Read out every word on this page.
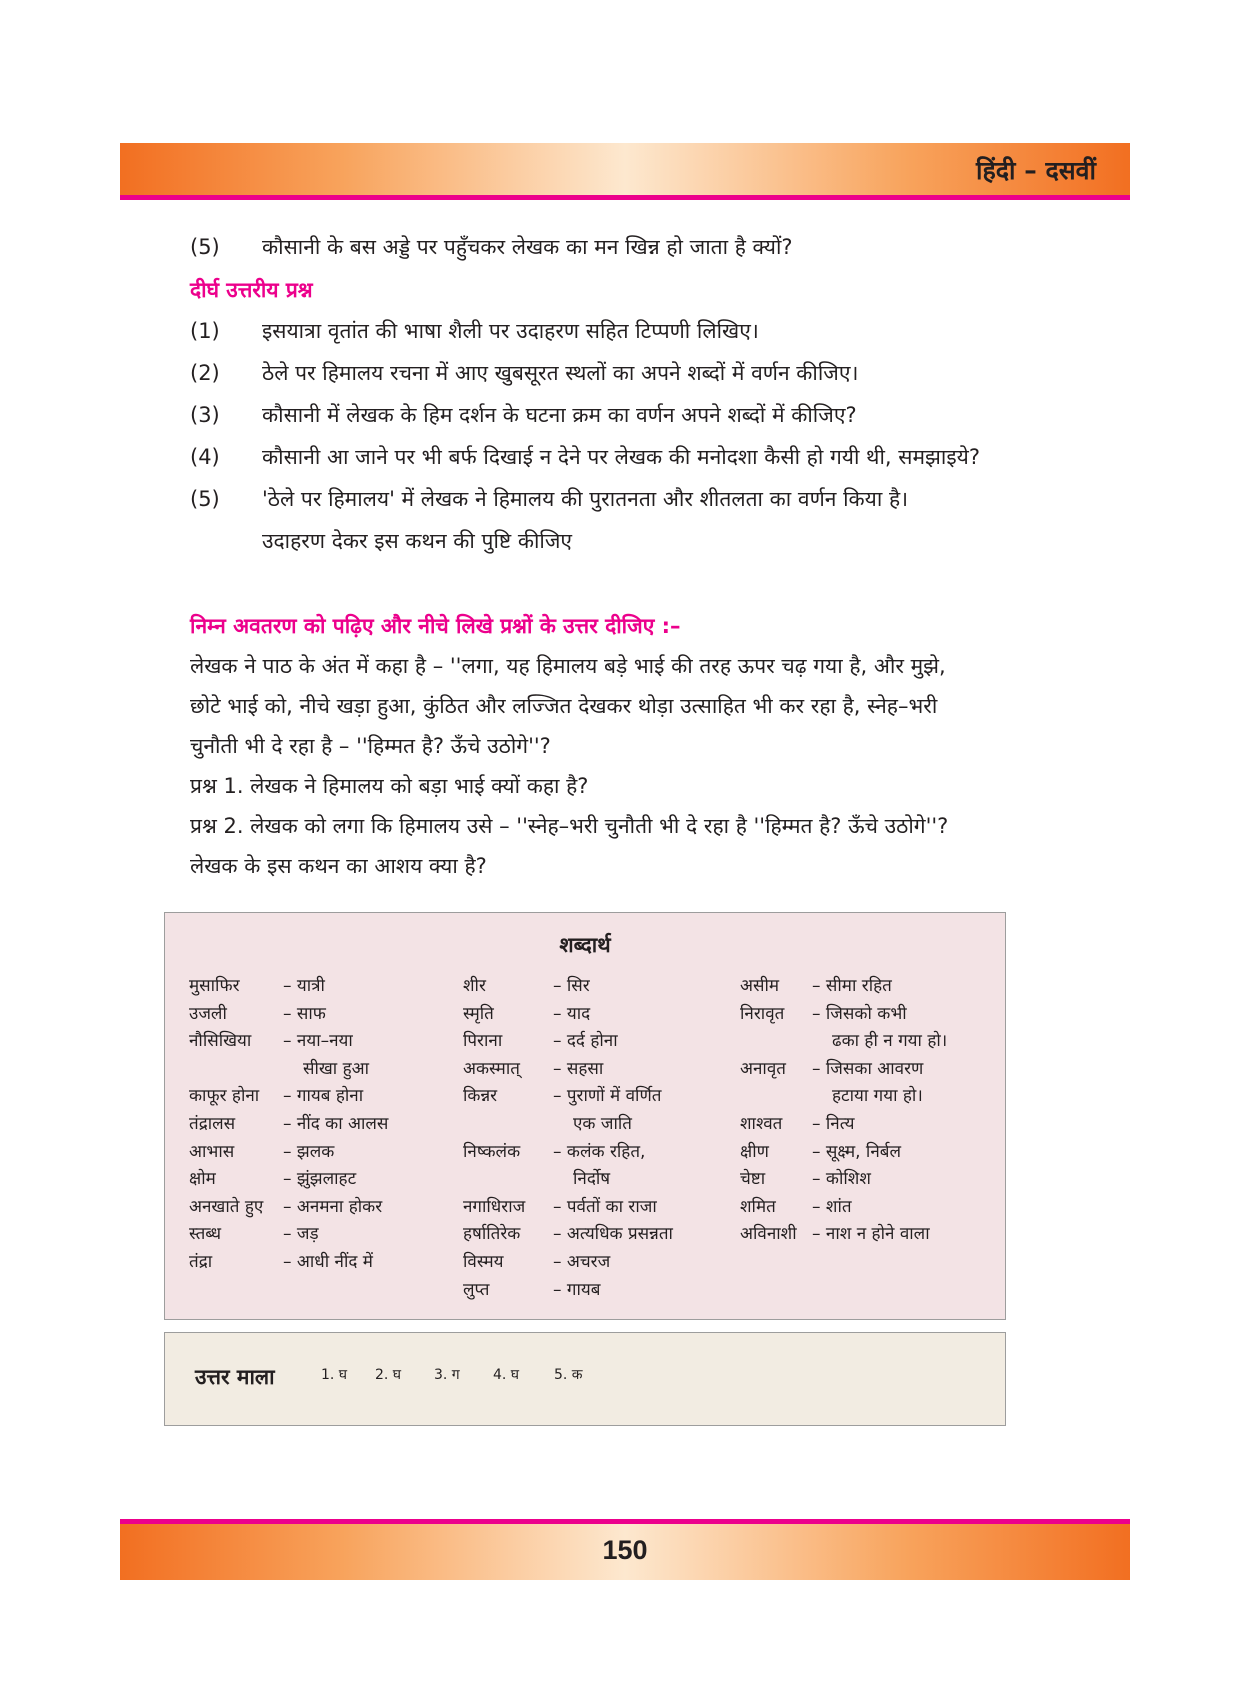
हिंदी – दसवीं
(5) कौसानी के बस अड्डे पर पहुँचकर लेखक का मन खिन्न हो जाता है क्यों?
दीर्घ उत्तरीय प्रश्न
(1) इसयात्रा वृतांत की भाषा शैली पर उदाहरण सहित टिप्पणी लिखिए।
(2) ठेले पर हिमालय रचना में आए खुबसूरत स्थलों का अपने शब्दों में वर्णन कीजिए।
(3) कौसानी में लेखक के हिम दर्शन के घटना क्रम का वर्णन अपने शब्दों में कीजिए?
(4) कौसानी आ जाने पर भी बर्फ दिखाई न देने पर लेखक की मनोदशा कैसी हो गयी थी, समझाइये?
(5) 'ठेले पर हिमालय' में लेखक ने हिमालय की पुरातनता और शीतलता का वर्णन किया है।
उदाहरण देकर इस कथन की पुष्टि कीजिए
निम्न अवतरण को पढ़िए और नीचे लिखे प्रश्नों के उत्तर दीजिए :–

लेखक ने पाठ के अंत में कहा है – ''लगा, यह हिमालय बड़े भाई की तरह ऊपर चढ़ गया है, और मुझे,

छोटे भाई को, नीचे खड़ा हुआ, कुंठित और लज्जित देखकर थोड़ा उत्साहित भी कर रहा है, स्नेह–भरी

चुनौती भी दे रहा है – ''हिम्मत है? ऊँचे उठोगे''?

प्रश्न 1. लेखक ने हिमालय को बड़ा भाई क्यों कहा है?

प्रश्न 2. लेखक को लगा कि हिमालय उसे – ''स्नेह–भरी चुनौती भी दे रहा है ''हिम्मत है? ऊँचे उठोगे''?

लेखक के इस कथन का आशय क्या है?

शब्दार्थ
मुसाफिर	– यात्री
उजली	– साफ
नौसिखिया – नया–नया
सीखा हुआ
काफूर होना – गायब होना
तंद्रालस	– नींद का आलस
आभास	– झलक
क्षोम	– झुंझलाहट
अनखाते हुए – अनमना होकर
स्तब्ध	– जड़
तंद्रा	– आधी नींद में
शीर	– सिर
स्मृति	– याद
पिराना	– दर्द होना
अकस्मात् – सहसा
किन्नर	– पुराणों में वर्णित
एक जाति
निष्कलंक – कलंक रहित,
निर्दोष
नगाधिराज – पर्वतों का राजा
हर्षातिरेक – अत्यधिक प्रसन्नता
विस्मय	– अचरज
लुप्त	– गायब
असीम – सीमा रहित
निरावृत – जिसको कभी
ढका ही न गया हो।
अनावृत – जिसका आवरण
हटाया गया हो।
शाश्वत – नित्य
क्षीण	– सूक्ष्म, निर्बल
चेष्टा	– कोशिश
शमित – शांत
अविनाशी – नाश न होने वाला
उत्तर माला	1. घ 2. घ 3. ग 4. घ 5. क
150
